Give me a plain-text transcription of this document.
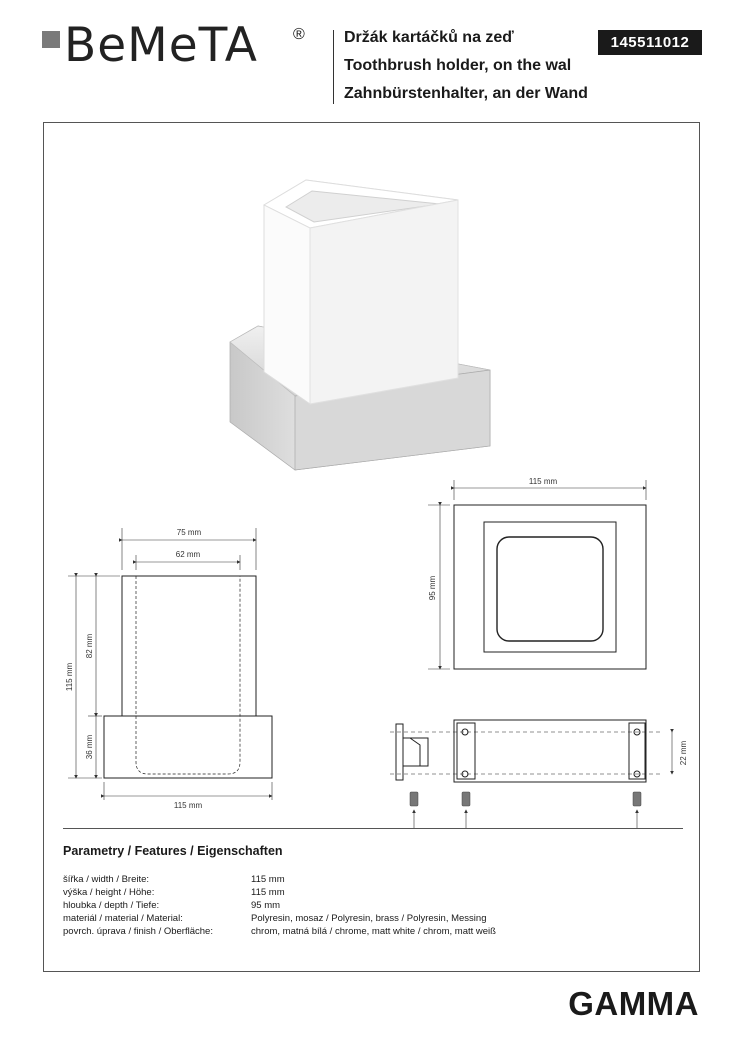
BeMeTA ® Držák kartáčků na zeď
Toothbrush holder, on the wal
Zahnbürstenhalter, an der Wand
145511012
75 mm
62 mm
115 mm
82 mm
36 mm
115 mm
115 mm
95 mm
22 mm
Parametry / Features / Eigenschaften
šířka / width / Breite:	115 mm
výška / height / Höhe:	115 mm
hloubka / depth / Tiefe:	95 mm
materiál / material / Material:	Polyresin, mosaz / Polyresin, brass / Polyresin, Messing
povrch. úprava / finish / Oberfläche:	chrom, matná bílá / chrome, matt white / chrom, matt weiß
GAMMA
